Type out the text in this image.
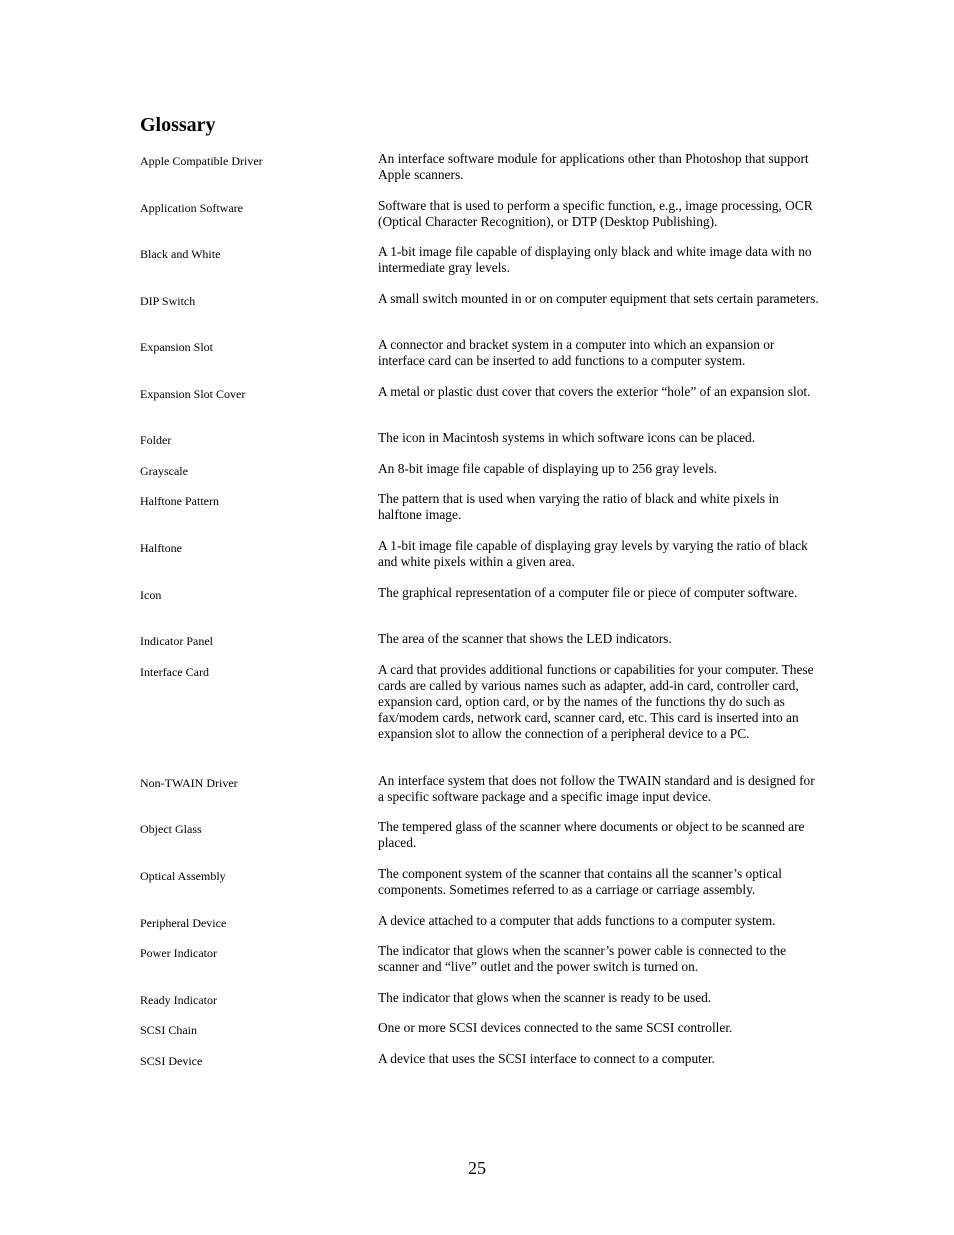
Glossary
Apple Compatible Driver	An interface software module for applications other than Photoshop that support Apple scanners.
Application Software	Software that is used to perform a specific function, e.g., image processing, OCR (Optical Character Recognition), or DTP (Desktop Publishing).
Black and White	A 1-bit image file capable of displaying only black and white image data with no intermediate gray levels.
DIP Switch	A small switch mounted in or on computer equipment that sets certain parameters.
Expansion Slot	A connector and bracket system in a computer into which an expansion or interface card can be inserted to add functions to a computer system.
Expansion Slot Cover	A metal or plastic dust cover that covers the exterior “hole” of an expansion slot.
Folder	The icon in Macintosh systems in which software icons can be placed.
Grayscale	An 8-bit image file capable of displaying up to 256 gray levels.
Halftone Pattern	The pattern that is used when varying the ratio of black and white pixels in halftone image.
Halftone	A 1-bit image file capable of displaying gray levels by varying the ratio of black and white pixels within a given area.
Icon	The graphical representation of a computer file or piece of computer software.
Indicator Panel	The area of the scanner that shows the LED indicators.
Interface Card	A card that provides additional functions or capabilities for your computer. These cards are called by various names such as adapter, add-in card, controller card, expansion card, option card, or by the names of the functions thy do such as fax/modem cards, network card, scanner card, etc. This card is inserted into an expansion slot to allow the connection of a peripheral device to a PC.
Non-TWAIN Driver	An interface system that does not follow the TWAIN standard and is designed for a specific software package and a specific image input device.
Object Glass	The tempered glass of the scanner where documents or object to be scanned are placed.
Optical Assembly	The component system of the scanner that contains all the scanner’s optical components. Sometimes referred to as a carriage or carriage assembly.
Peripheral Device	A device attached to a computer that adds functions to a computer system.
Power Indicator	The indicator that glows when the scanner’s power cable is connected to the scanner and “live” outlet and the power switch is turned on.
Ready Indicator	The indicator that glows when the scanner is ready to be used.
SCSI Chain	One or more SCSI devices connected to the same SCSI controller.
SCSI Device	A device that uses the SCSI interface to connect to a computer.
25
